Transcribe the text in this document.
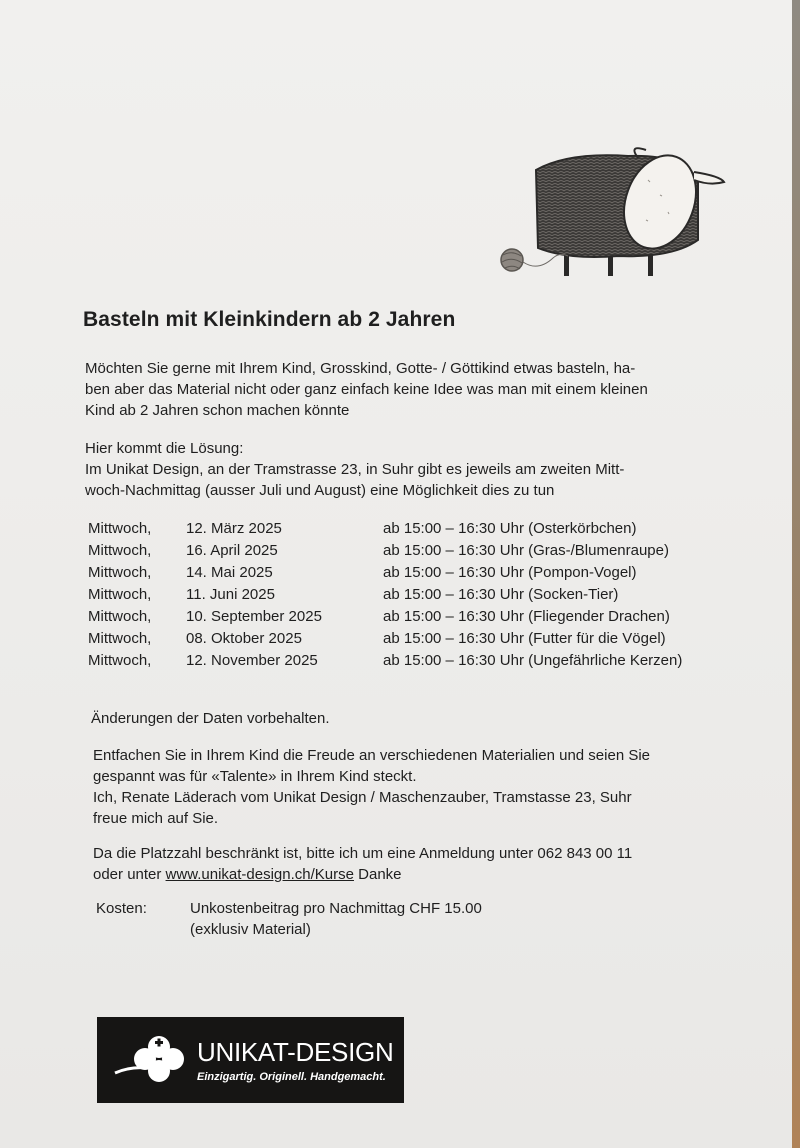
Basteln mit Kleinkindern ab 2 Jahren
Möchten Sie gerne mit Ihrem Kind, Grosskind, Gotte- / Göttikind etwas basteln, ha-
ben aber das Material nicht oder ganz einfach keine Idee was man mit einem kleinen
Kind ab 2 Jahren schon machen könnte
Hier kommt die Lösung:
Im Unikat Design, an der Tramstrasse 23, in Suhr gibt es jeweils am zweiten Mitt-
woch-Nachmittag (ausser Juli und August) eine Möglichkeit dies zu tun
Mittwoch, 12. März 2025	ab 15:00 – 16:30 Uhr (Osterkörbchen)
Mittwoch, 16. April 2025	ab 15:00 – 16:30 Uhr (Gras-/Blumenraupe)
Mittwoch, 14. Mai 2025	ab 15:00 – 16:30 Uhr (Pompon-Vogel)
Mittwoch, 11. Juni 2025	ab 15:00 – 16:30 Uhr (Socken-Tier)
Mittwoch, 10. September 2025	ab 15:00 – 16:30 Uhr (Fliegender Drachen)
Mittwoch, 08. Oktober 2025	ab 15:00 – 16:30 Uhr (Futter für die Vögel)
Mittwoch, 12. November 2025	ab 15:00 – 16:30 Uhr (Ungefährliche Kerzen)
Änderungen der Daten vorbehalten.
Entfachen Sie in Ihrem Kind die Freude an verschiedenen Materialien und seien Sie
gespannt was für «Talente» in Ihrem Kind steckt.
Ich, Renate Läderach vom Unikat Design / Maschenzauber, Tramstasse 23, Suhr
freue mich auf Sie.
Da die Platzzahl beschränkt ist, bitte ich um eine Anmeldung unter 062 843 00 11
oder unter www.unikat-design.ch/Kurse Danke
Kosten:	Unkostenbeitrag pro Nachmittag CHF 15.00
(exklusiv Material)
UNIKAT-DESIGN
Einzigartig. Originell. Handgemacht.
